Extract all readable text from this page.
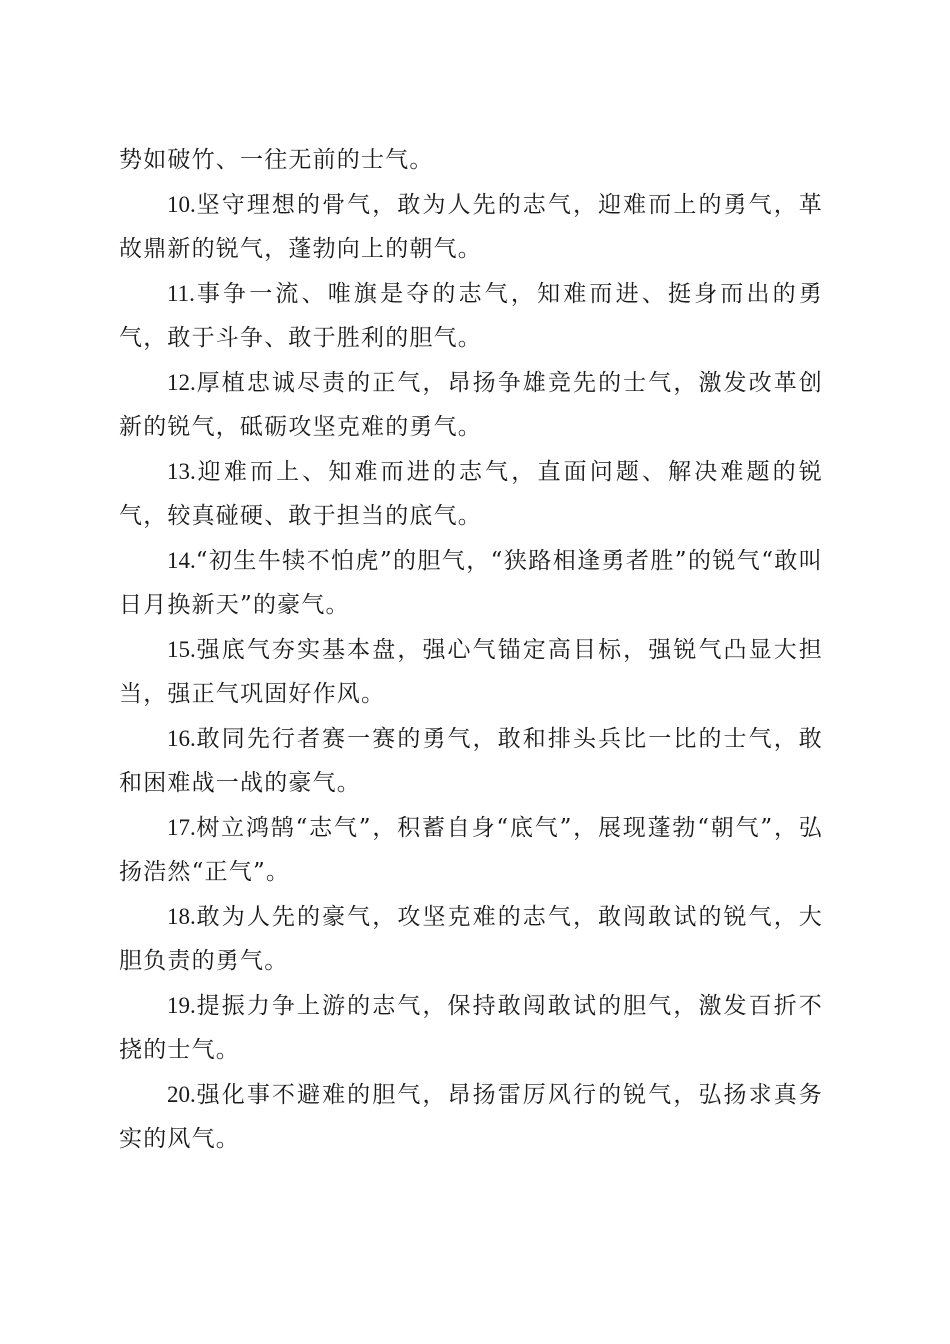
势如破竹、一往无前的士气。

10.坚守理想的骨气，敢为人先的志气，迎难而上的勇气，革故鼎新的锐气，蓬勃向上的朝气。

11.事争一流、唯旗是夺的志气，知难而进、挺身而出的勇气，敢于斗争、敢于胜利的胆气。

12.厚植忠诚尽责的正气，昂扬争雄竞先的士气，激发改革创新的锐气，砥砺攻坚克难的勇气。

13.迎难而上、知难而进的志气，直面问题、解决难题的锐气，较真碰硬、敢于担当的底气。

14.“初生牛犊不怕虎”的胆气，“狭路相逢勇者胜”的锐气“敢叫日月换新天”的豪气。

15.强底气夯实基本盘，强心气锚定高目标，强锐气凸显大担当，强正气巩固好作风。

16.敢同先行者赛一赛的勇气，敢和排头兵比一比的士气，敢和困难战一战的豪气。

17.树立鸿鹄“志气”，积蓄自身“底气”，展现蓬勃“朝气”，弘扬浩然“正气”。

18.敢为人先的豪气，攻坚克难的志气，敢闯敢试的锐气，大胆负责的勇气。

19.提振力争上游的志气，保持敢闯敢试的胆气，激发百折不挠的士气。

20.强化事不避难的胆气，昂扬雷厉风行的锐气，弘扬求真务实的风气。
